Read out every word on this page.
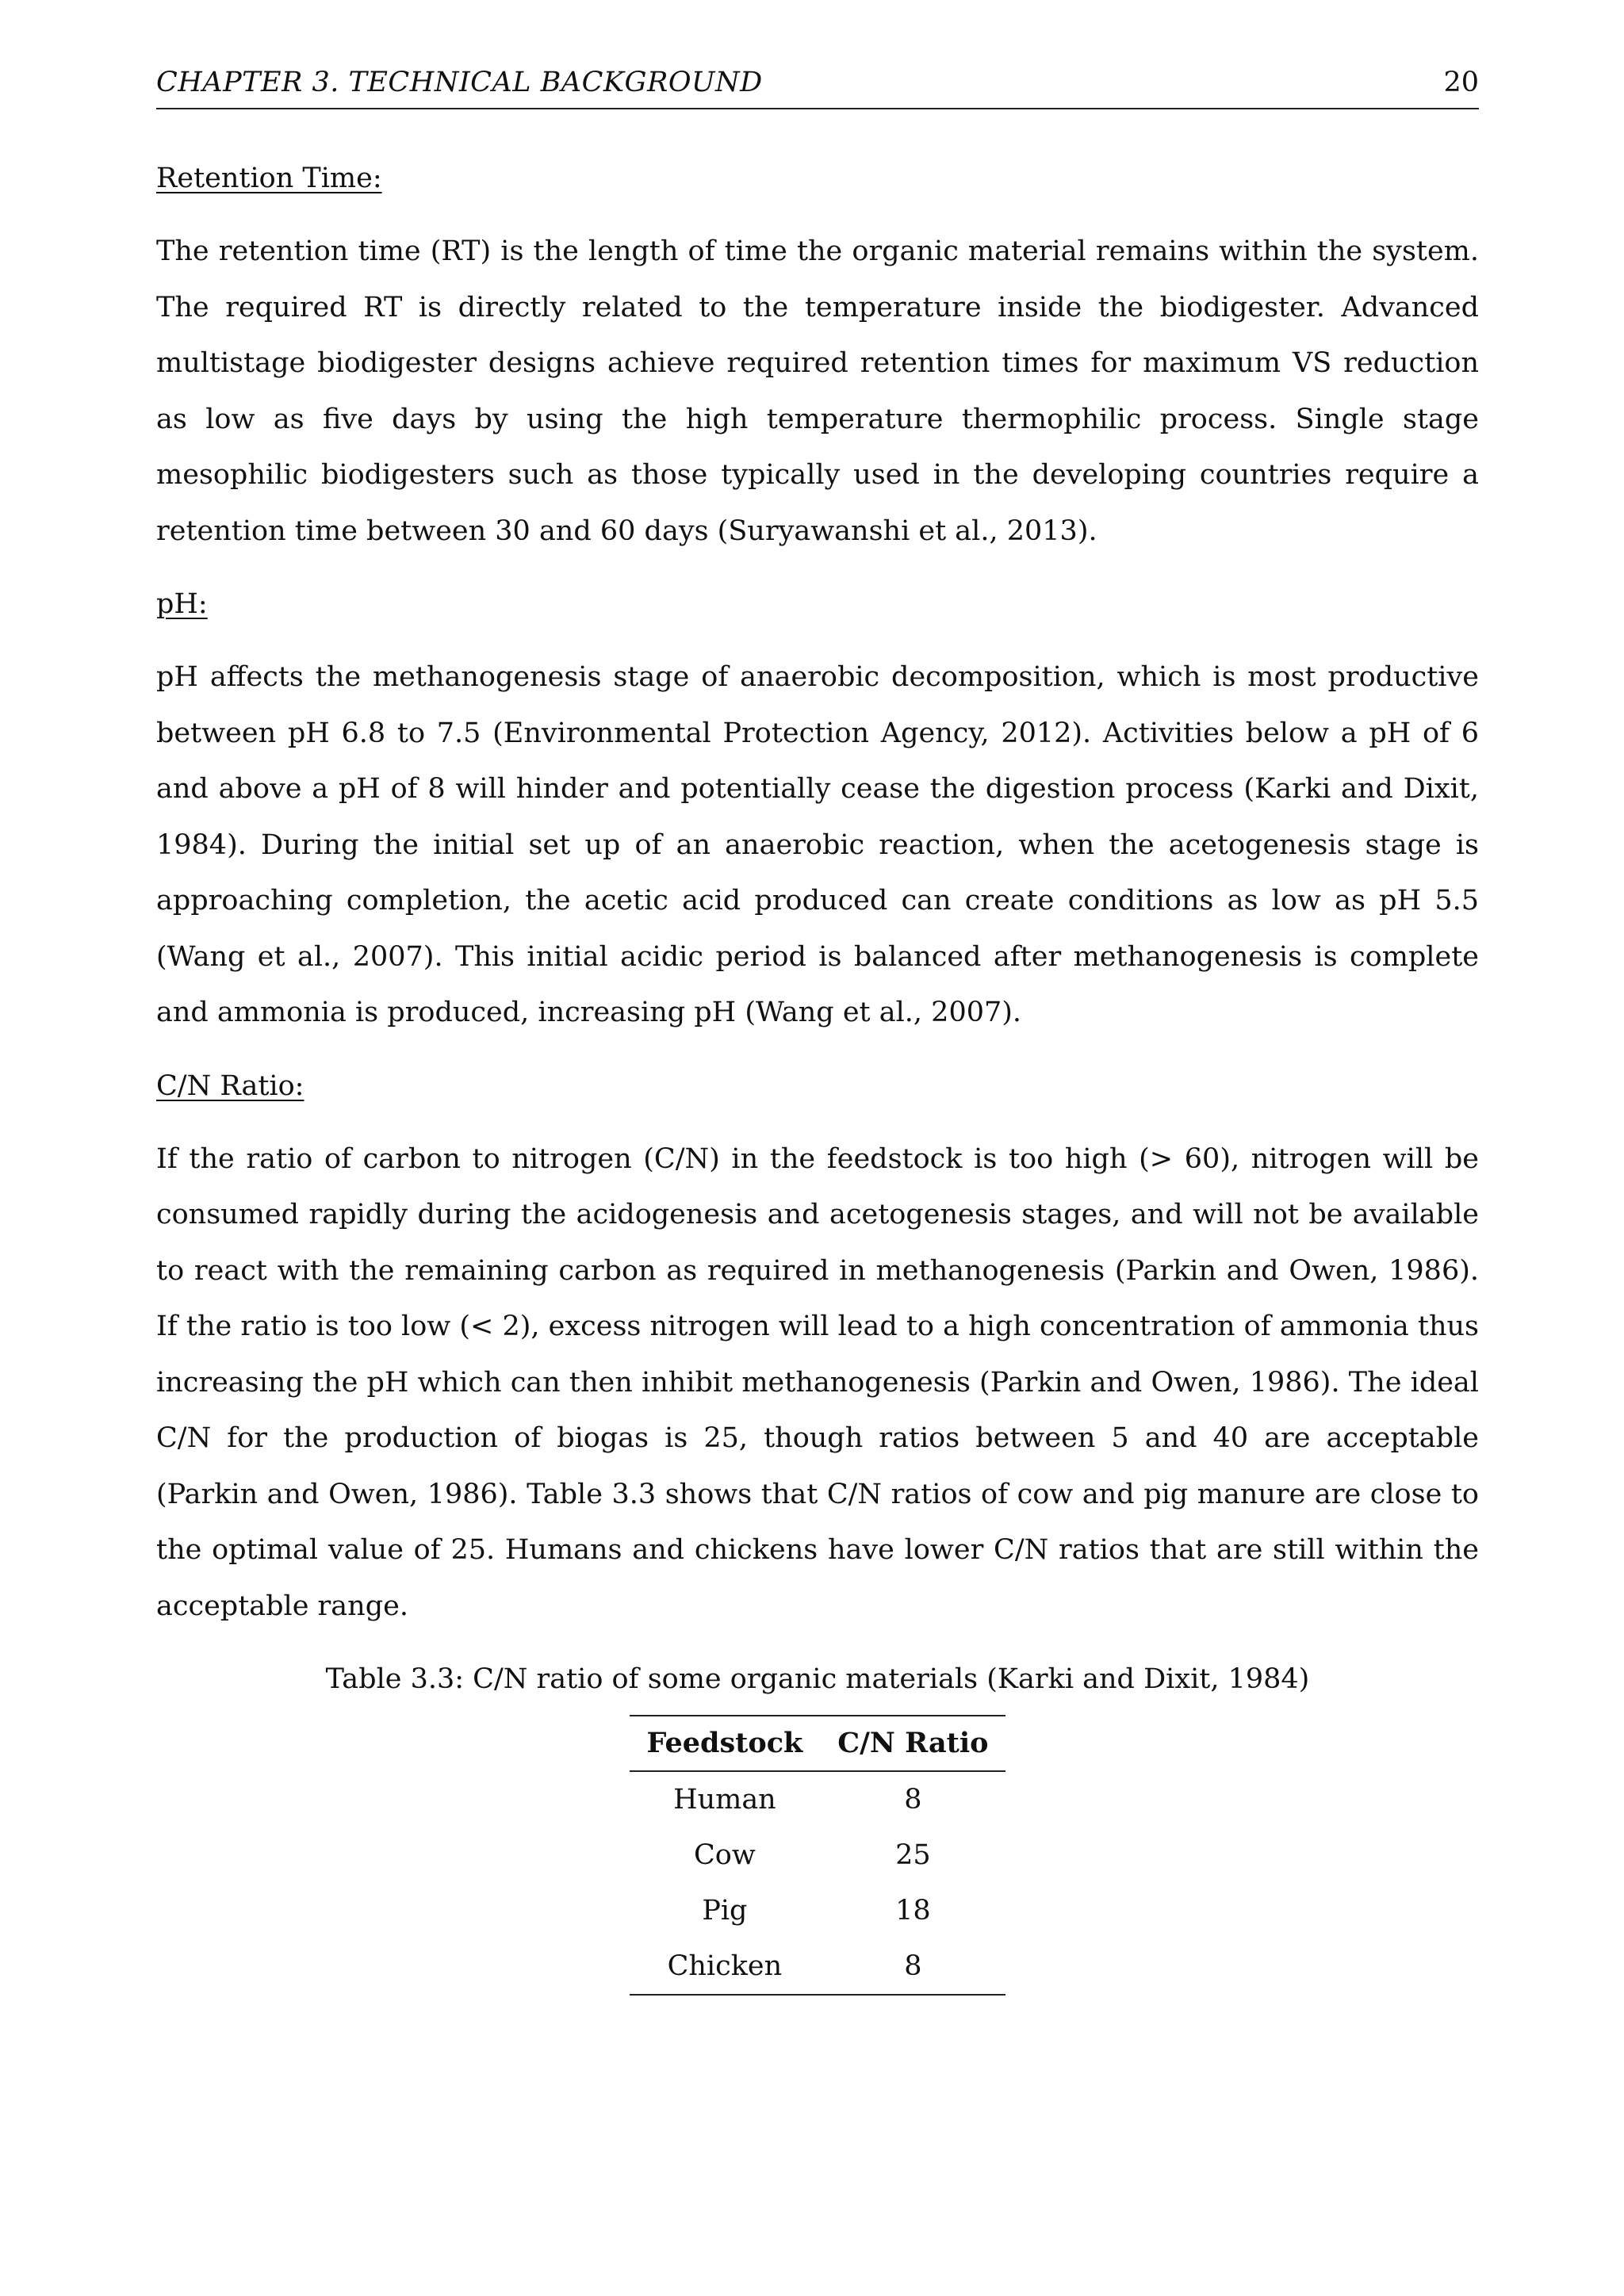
CHAPTER 3. TECHNICAL BACKGROUND	20
Retention Time:

The retention time (RT) is the length of time the organic material remains within the system. The required RT is directly related to the temperature inside the biodigester. Advanced multistage biodigester designs achieve required retention times for maximum VS reduction as low as five days by using the high temperature thermophilic process. Single stage mesophilic biodigesters such as those typically used in the developing countries require a retention time between 30 and 60 days (Suryawanshi et al., 2013).

pH:

pH affects the methanogenesis stage of anaerobic decomposition, which is most productive between pH 6.8 to 7.5 (Environmental Protection Agency, 2012). Activities below a pH of 6 and above a pH of 8 will hinder and potentially cease the digestion process (Karki and Dixit, 1984). During the initial set up of an anaerobic reaction, when the acetogenesis stage is approaching completion, the acetic acid produced can create conditions as low as pH 5.5 (Wang et al., 2007). This initial acidic period is balanced after methanogenesis is complete and ammonia is produced, increasing pH (Wang et al., 2007).

C/N Ratio:

If the ratio of carbon to nitrogen (C/N) in the feedstock is too high (> 60), nitrogen will be consumed rapidly during the acidogenesis and acetogenesis stages, and will not be available to react with the remaining carbon as required in methanogenesis (Parkin and Owen, 1986). If the ratio is too low (< 2), excess nitrogen will lead to a high concentration of ammonia thus increasing the pH which can then inhibit methanogenesis (Parkin and Owen, 1986). The ideal C/N for the production of biogas is 25, though ratios between 5 and 40 are acceptable (Parkin and Owen, 1986). Table 3.3 shows that C/N ratios of cow and pig manure are close to the optimal value of 25. Humans and chickens have lower C/N ratios that are still within the acceptable range.

Table 3.3: C/N ratio of some organic materials (Karki and Dixit, 1984)
Feedstock	C/N Ratio
Human	8
Cow	25
Pig	18
Chicken	8
